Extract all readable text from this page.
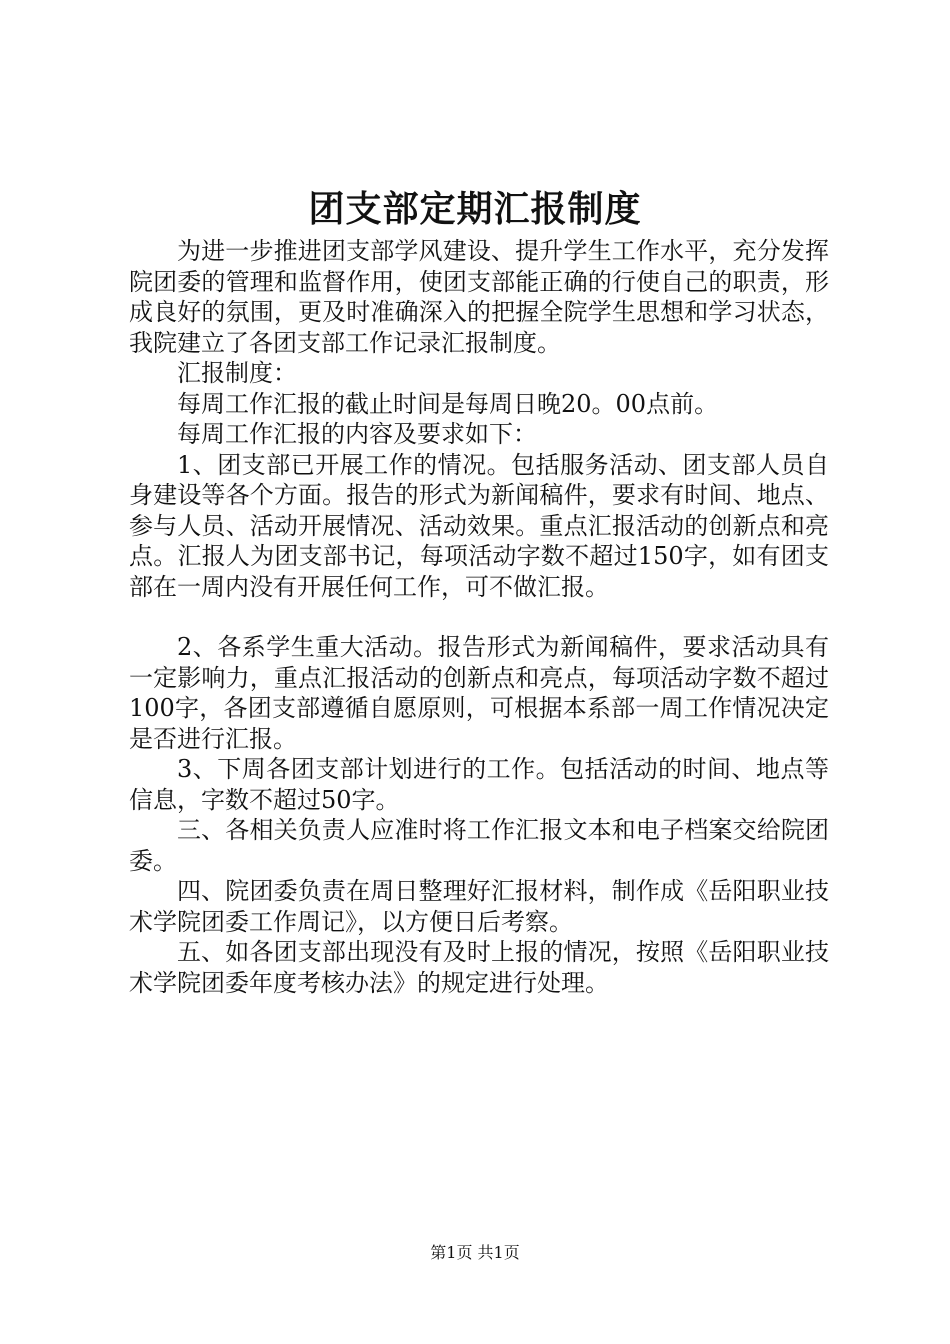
团支部定期汇报制度

为进一步推进团支部学风建设、提升学生工作水平，充分发挥院团委的管理和监督作用，使团支部能正确的行使自己的职责，形成良好的氛围，更及时准确深入的把握全院学生思想和学习状态，我院建立了各团支部工作记录汇报制度。

汇报制度：

每周工作汇报的截止时间是每周日晚20。00点前。

每周工作汇报的内容及要求如下：

1、团支部已开展工作的情况。包括服务活动、团支部人员自身建设等各个方面。报告的形式为新闻稿件，要求有时间、地点、参与人员、活动开展情况、活动效果。重点汇报活动的创新点和亮点。汇报人为团支部书记，每项活动字数不超过150字，如有团支部在一周内没有开展任何工作，可不做汇报。

2、各系学生重大活动。报告形式为新闻稿件，要求活动具有一定影响力，重点汇报活动的创新点和亮点，每项活动字数不超过100字，各团支部遵循自愿原则，可根据本系部一周工作情况决定是否进行汇报。

3、下周各团支部计划进行的工作。包括活动的时间、地点等信息，字数不超过50字。

三、各相关负责人应准时将工作汇报文本和电子档案交给院团委。

四、院团委负责在周日整理好汇报材料，制作成《岳阳职业技术学院团委工作周记》，以方便日后考察。

五、如各团支部出现没有及时上报的情况，按照《岳阳职业技术学院团委年度考核办法》的规定进行处理。

第1页 共1页
